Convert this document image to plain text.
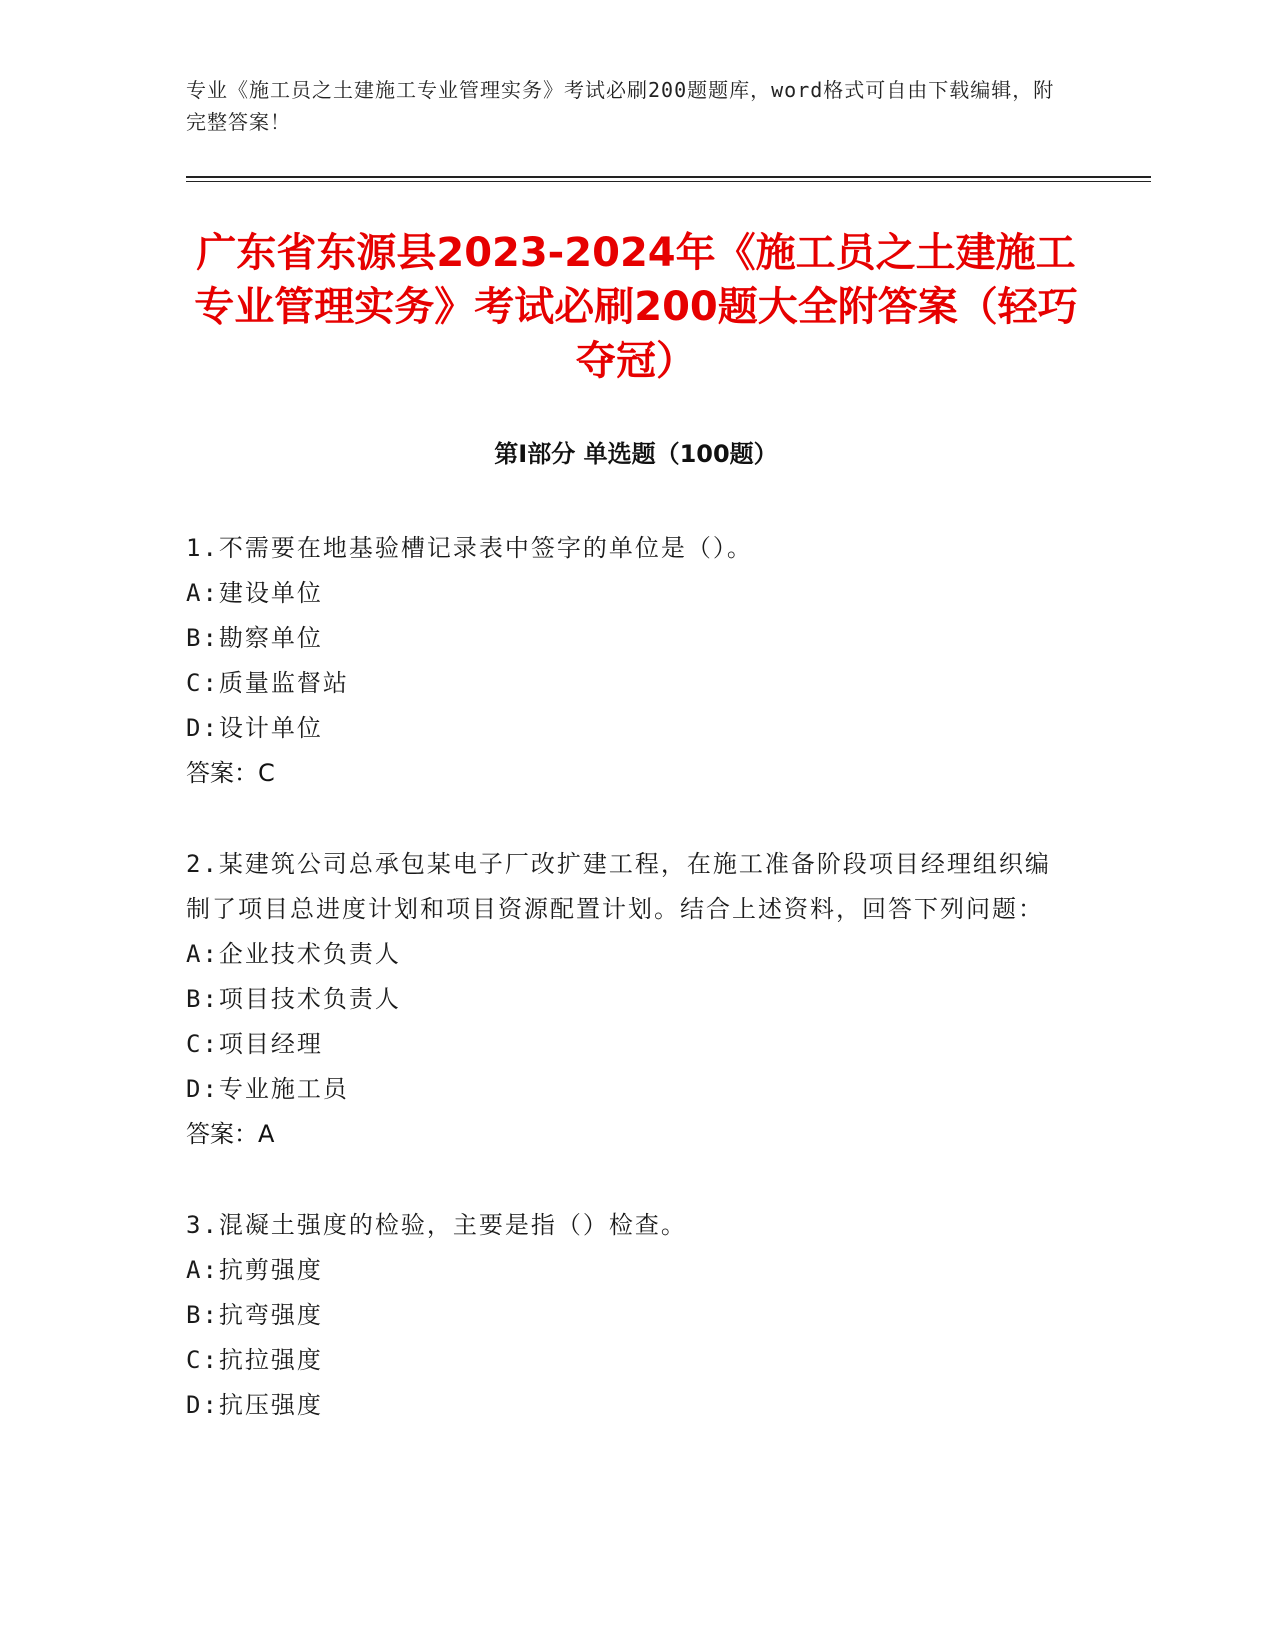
专业《施工员之土建施工专业管理实务》考试必刷200题题库，word格式可自由下载编辑，附完整答案！
广东省东源县2023-2024年《施工员之土建施工专业管理实务》考试必刷200题大全附答案（轻巧夺冠）
第I部分 单选题（100题）

1.不需要在地基验槽记录表中签字的单位是（）。

A:建设单位

B:勘察单位

C:质量监督站

D:设计单位

答案：C

2.某建筑公司总承包某电子厂改扩建工程，在施工准备阶段项目经理组织编制了项目总进度计划和项目资源配置计划。结合上述资料，回答下列问题：

A:企业技术负责人

B:项目技术负责人

C:项目经理

D:专业施工员

答案：A

3.混凝土强度的检验，主要是指（）检查。

A:抗剪强度

B:抗弯强度

C:抗拉强度

D:抗压强度
